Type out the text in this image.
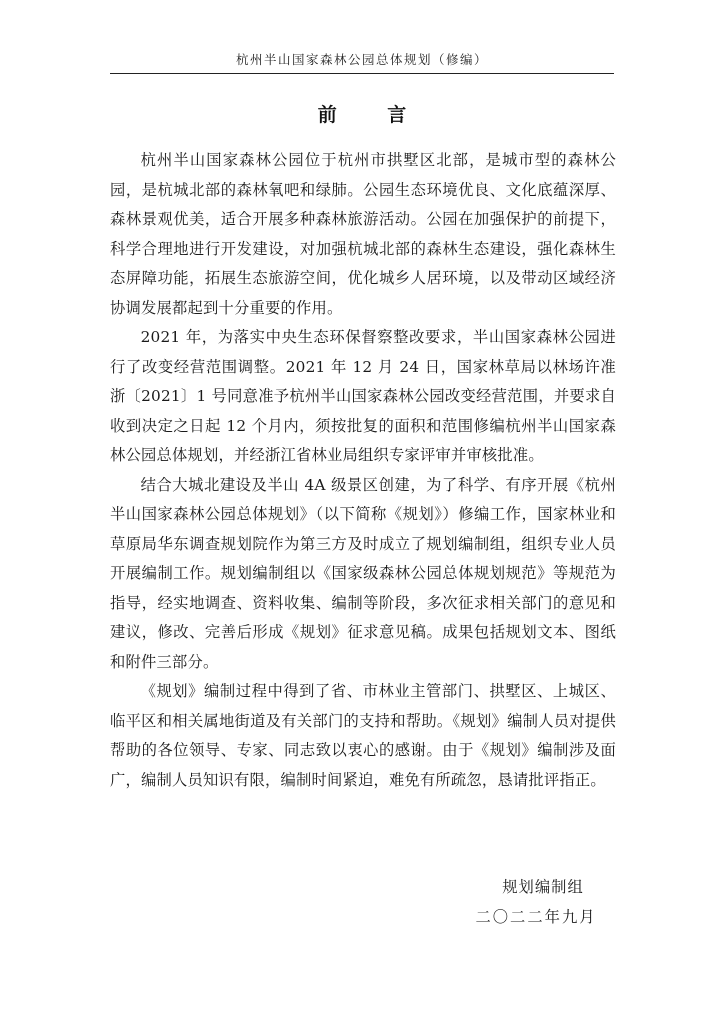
杭州半山国家森林公园总体规划（修编）
前 言

杭州半山国家森林公园位于杭州市拱墅区北部，是城市型的森林公园，是杭城北部的森林氧吧和绿肺。公园生态环境优良、文化底蕴深厚、森林景观优美，适合开展多种森林旅游活动。公园在加强保护的前提下，科学合理地进行开发建设，对加强杭城北部的森林生态建设，强化森林生态屏障功能，拓展生态旅游空间，优化城乡人居环境，以及带动区域经济协调发展都起到十分重要的作用。

2021 年，为落实中央生态环保督察整改要求，半山国家森林公园进行了改变经营范围调整。2021 年 12 月 24 日，国家林草局以林场许准浙〔2021〕1 号同意准予杭州半山国家森林公园改变经营范围，并要求自收到决定之日起 12 个月内，须按批复的面积和范围修编杭州半山国家森林公园总体规划，并经浙江省林业局组织专家评审并审核批准。

结合大城北建设及半山 4A 级景区创建，为了科学、有序开展《杭州半山国家森林公园总体规划》（以下简称《规划》）修编工作，国家林业和草原局华东调查规划院作为第三方及时成立了规划编制组，组织专业人员开展编制工作。规划编制组以《国家级森林公园总体规划规范》等规范为指导，经实地调查、资料收集、编制等阶段，多次征求相关部门的意见和建议，修改、完善后形成《规划》征求意见稿。成果包括规划文本、图纸和附件三部分。

《规划》编制过程中得到了省、市林业主管部门、拱墅区、上城区、临平区和相关属地街道及有关部门的支持和帮助。《规划》编制人员对提供帮助的各位领导、专家、同志致以衷心的感谢。由于《规划》编制涉及面广，编制人员知识有限，编制时间紧迫，难免有所疏忽，恳请批评指正。

规划编制组
二〇二二年九月
